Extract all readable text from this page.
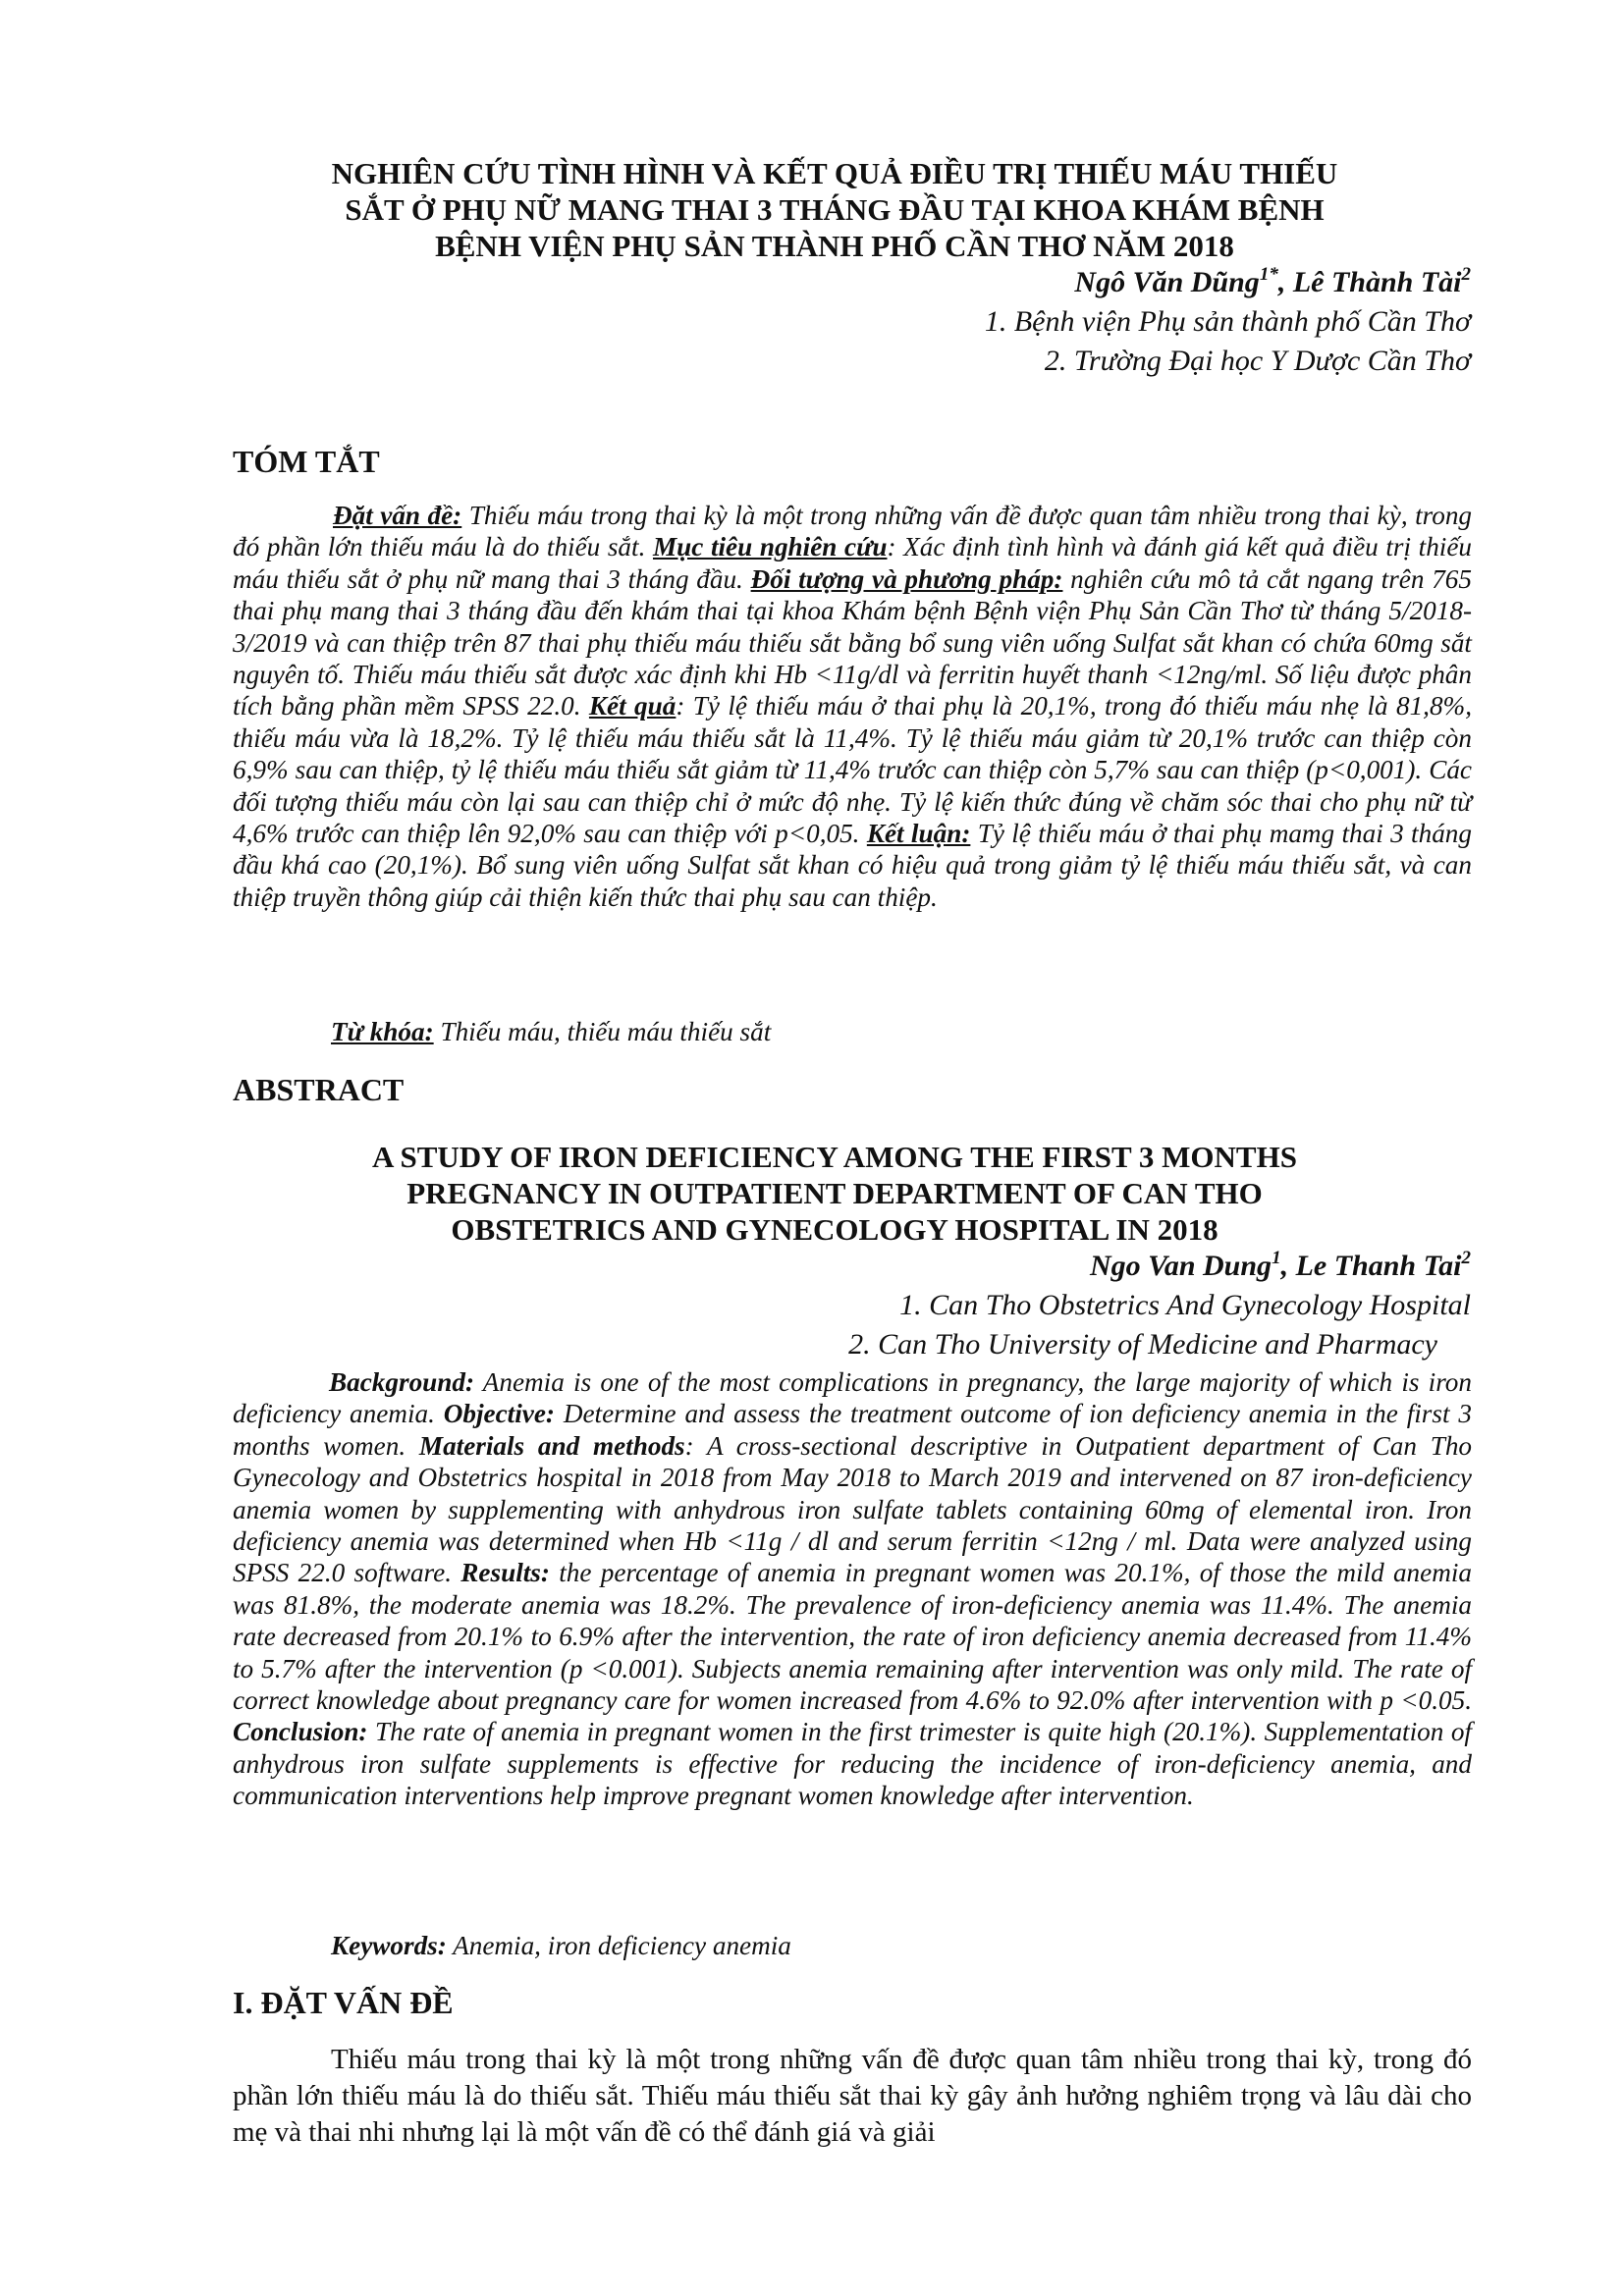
NGHIÊN CỨU TÌNH HÌNH VÀ KẾT QUẢ ĐIỀU TRỊ THIẾU MÁU THIẾU
SẮT Ở PHỤ NỮ MANG THAI 3 THÁNG ĐẦU TẠI KHOA KHÁM BỆNH
BỆNH VIỆN PHỤ SẢN THÀNH PHỐ CẦN THƠ NĂM 2018
Ngô Văn Dũng$^{1*}$, Lê Thành Tài$^2$
1. Bệnh viện Phụ sản thành phố Cần Thơ
2. Trường Đại học Y Dược Cần Thơ
TÓM TẮT
Đặt vấn đề: Thiếu máu trong thai kỳ là một trong những vấn đề được quan tâm nhiều trong thai kỳ, trong đó phần lớn thiếu máu là do thiếu sắt. Mục tiêu nghiên cứu: Xác định tình hình và đánh giá kết quả điều trị thiếu máu thiếu sắt ở phụ nữ mang thai 3 tháng đầu. Đối tượng và phương pháp: nghiên cứu mô tả cắt ngang trên 765 thai phụ mang thai 3 tháng đầu đến khám thai tại khoa Khám bệnh Bệnh viện Phụ Sản Cần Thơ từ tháng 5/2018-3/2019 và can thiệp trên 87 thai phụ thiếu máu thiếu sắt bằng bổ sung viên uống Sulfat sắt khan có chứa 60mg sắt nguyên tố. Thiếu máu thiếu sắt được xác định khi Hb <11g/dl và ferritin huyết thanh <12ng/ml. Số liệu được phân tích bằng phần mềm SPSS 22.0. Kết quả: Tỷ lệ thiếu máu ở thai phụ là 20,1%, trong đó thiếu máu nhẹ là 81,8%, thiếu máu vừa là 18,2%. Tỷ lệ thiếu máu thiếu sắt là 11,4%. Tỷ lệ thiếu máu giảm từ 20,1% trước can thiệp còn 6,9% sau can thiệp, tỷ lệ thiếu máu thiếu sắt giảm từ 11,4% trước can thiệp còn 5,7% sau can thiệp (p<0,001). Các đối tượng thiếu máu còn lại sau can thiệp chỉ ở mức độ nhẹ. Tỷ lệ kiến thức đúng về chăm sóc thai cho phụ nữ từ 4,6% trước can thiệp lên 92,0% sau can thiệp với p<0,05. Kết luận: Tỷ lệ thiếu máu ở thai phụ mamg thai 3 tháng đầu khá cao (20,1%). Bổ sung viên uống Sulfat sắt khan có hiệu quả trong giảm tỷ lệ thiếu máu thiếu sắt, và can thiệp truyền thông giúp cải thiện kiến thức thai phụ sau can thiệp.
Từ khóa: Thiếu máu, thiếu máu thiếu sắt
ABSTRACT
A STUDY OF IRON DEFICIENCY AMONG THE FIRST 3 MONTHS
PREGNANCY IN OUTPATIENT DEPARTMENT OF CAN THO
OBSTETRICS AND GYNECOLOGY HOSPITAL IN 2018
Ngo Van Dung$^1$, Le Thanh Tai$^2$
1. Can Tho Obstetrics And Gynecology Hospital
2. Can Tho University of Medicine and Pharmacy
Background: Anemia is one of the most complications in pregnancy, the large majority of which is iron deficiency anemia. Objective: Determine and assess the treatment outcome of ion deficiency anemia in the first 3 months women. Materials and methods: A cross-sectional descriptive in Outpatient department of Can Tho Gynecology and Obstetrics hospital in 2018 from May 2018 to March 2019 and intervened on 87 iron-deficiency anemia women by supplementing with anhydrous iron sulfate tablets containing 60mg of elemental iron. Iron deficiency anemia was determined when Hb <11g / dl and serum ferritin <12ng / ml. Data were analyzed using SPSS 22.0 software. Results: the percentage of anemia in pregnant women was 20.1%, of those the mild anemia was 81.8%, the moderate anemia was 18.2%. The prevalence of iron-deficiency anemia was 11.4%. The anemia rate decreased from 20.1% to 6.9% after the intervention, the rate of iron deficiency anemia decreased from 11.4% to 5.7% after the intervention (p <0.001). Subjects anemia remaining after intervention was only mild. The rate of correct knowledge about pregnancy care for women increased from 4.6% to 92.0% after intervention with p <0.05. Conclusion: The rate of anemia in pregnant women in the first trimester is quite high (20.1%). Supplementation of anhydrous iron sulfate supplements is effective for reducing the incidence of iron-deficiency anemia, and communication interventions help improve pregnant women knowledge after intervention.
Keywords: Anemia, iron deficiency anemia
I. ĐẶT VẤN ĐỀ
Thiếu máu trong thai kỳ là một trong những vấn đề được quan tâm nhiều trong thai kỳ, trong đó phần lớn thiếu máu là do thiếu sắt. Thiếu máu thiếu sắt thai kỳ gây ảnh hưởng nghiêm trọng và lâu dài cho mẹ và thai nhi nhưng lại là một vấn đề có thể đánh giá và giải
